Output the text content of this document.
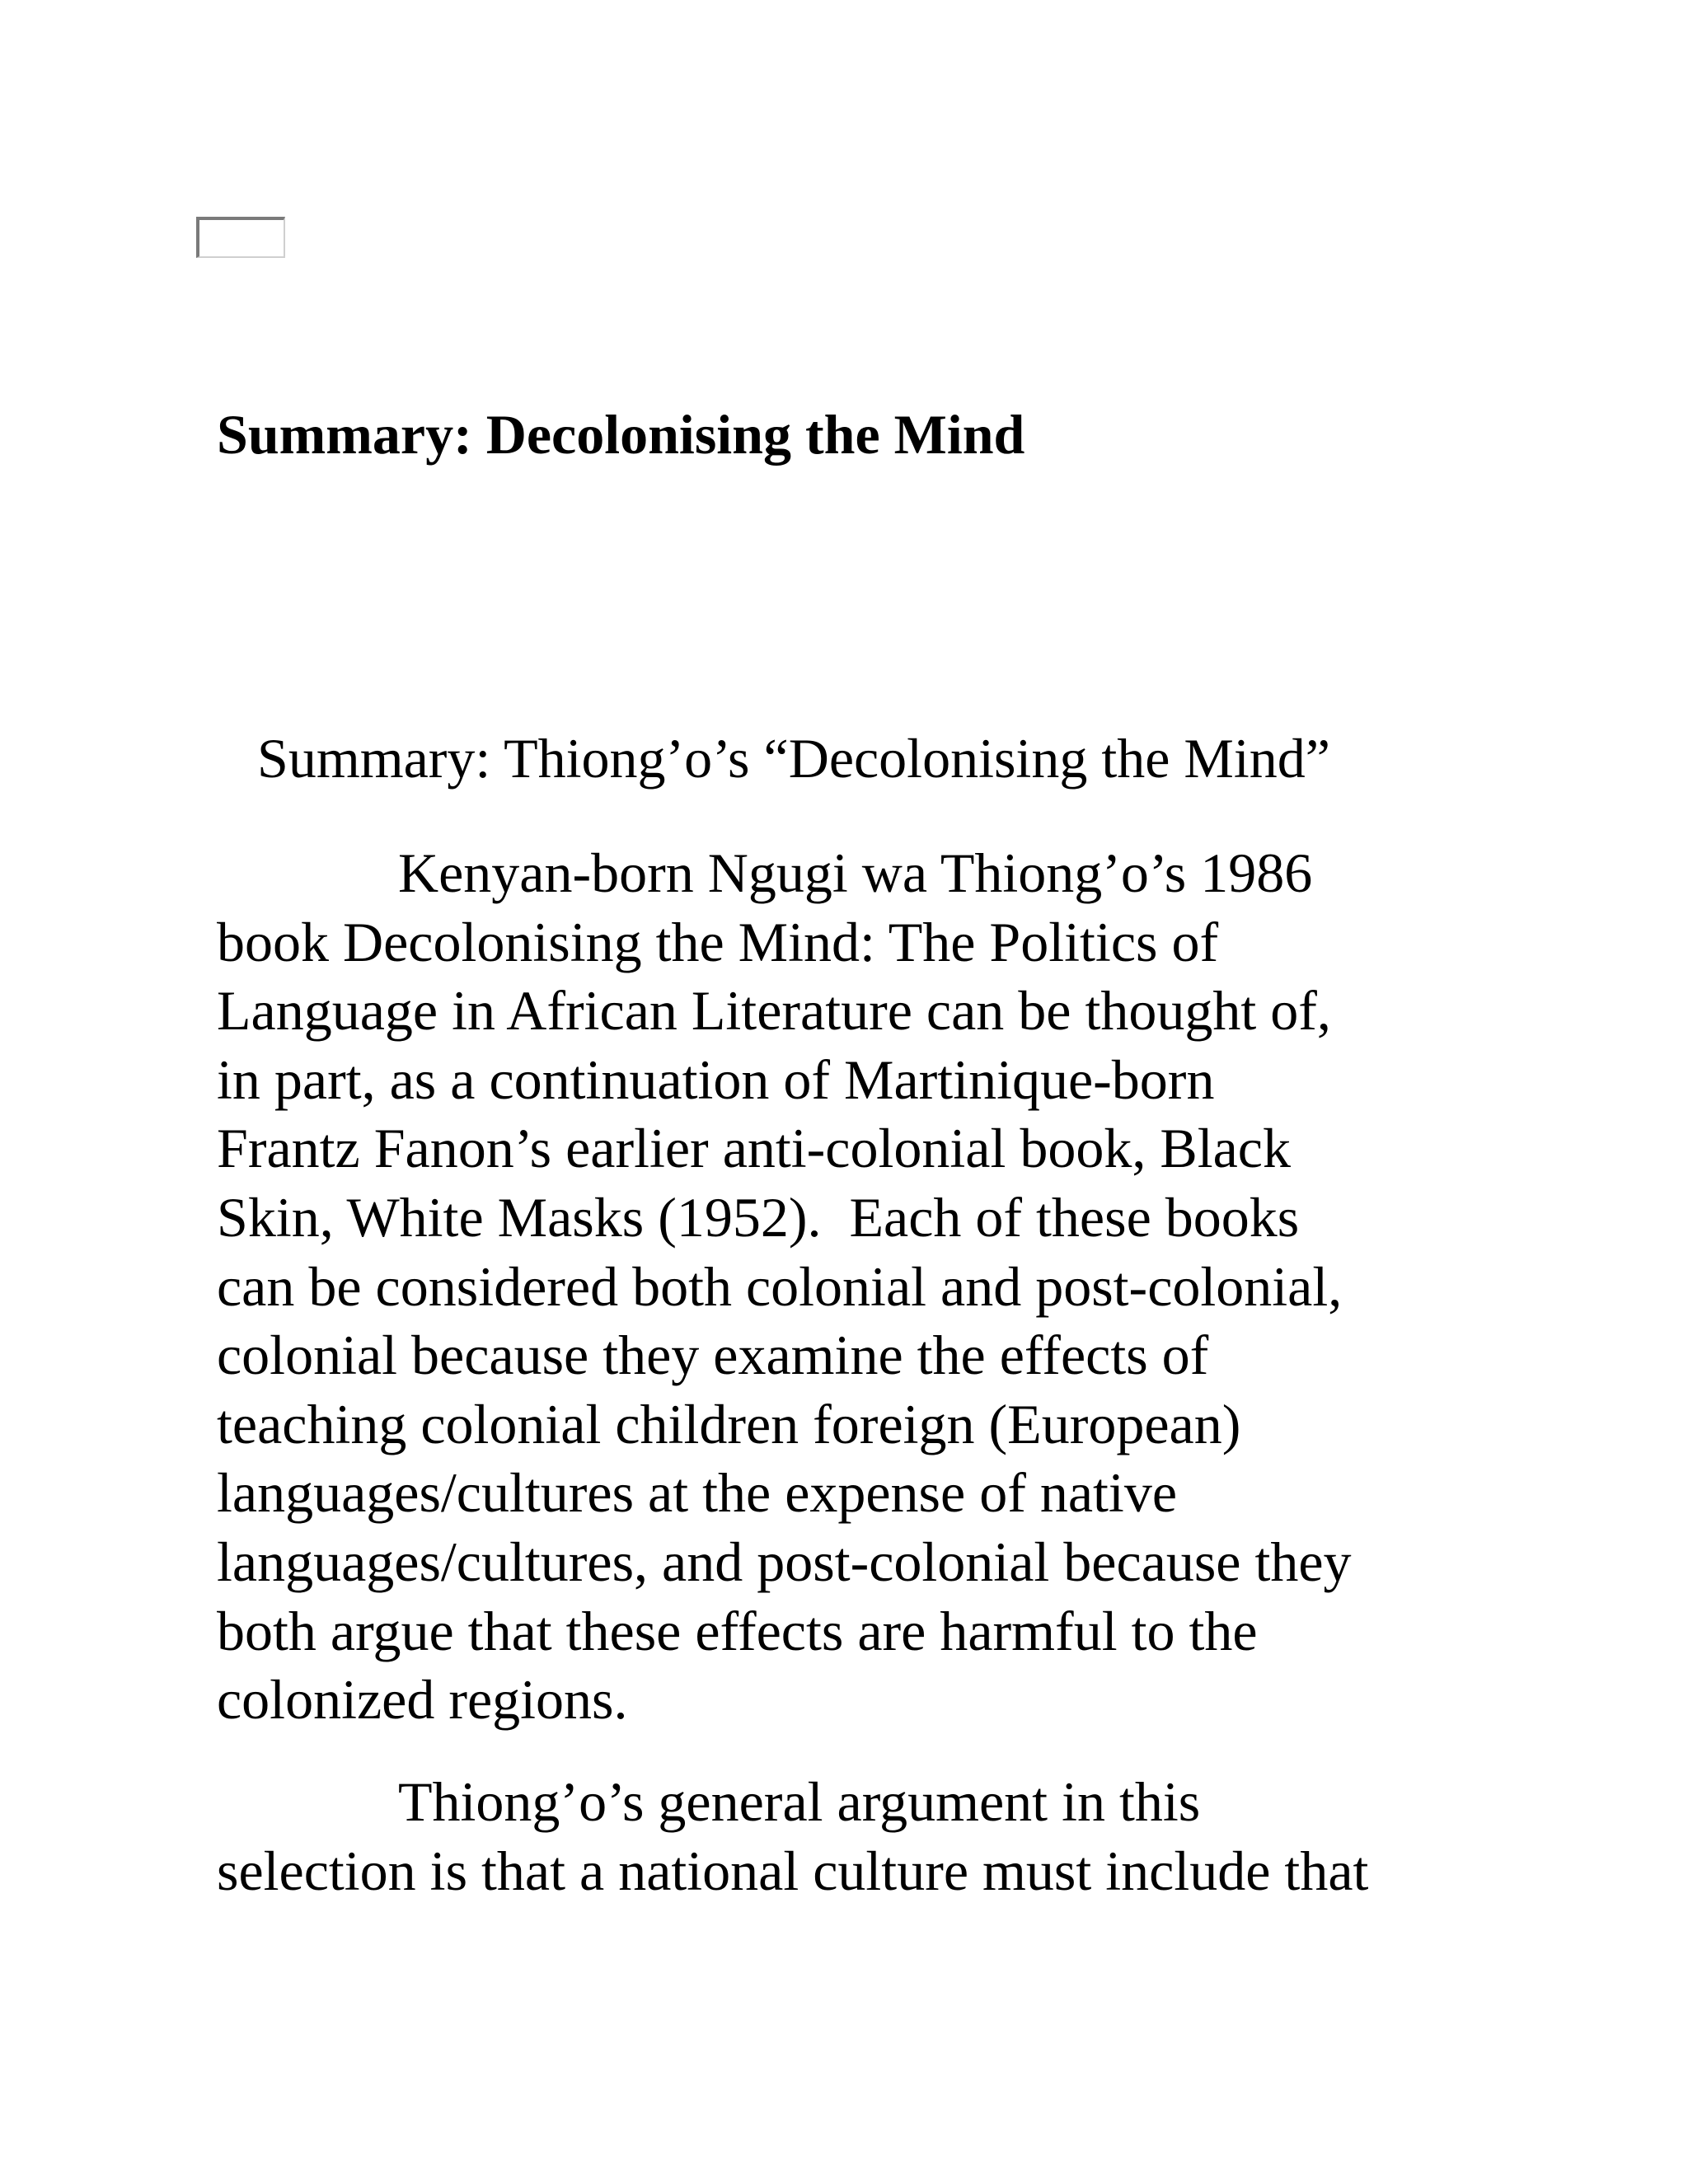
Summary: Decolonising the Mind
Summary: Thiong’o’s “Decolonising the Mind”

Kenyan-born Ngugi wa Thiong’o’s 1986
book Decolonising the Mind: The Politics of
Language in African Literature can be thought of,
in part, as a continuation of Martinique-born
Frantz Fanon’s earlier anti-colonial book, Black
Skin, White Masks (1952).  Each of these books
can be considered both colonial and post-colonial,
colonial because they examine the effects of
teaching colonial children foreign (European)
languages/cultures at the expense of native
languages/cultures, and post-colonial because they
both argue that these effects are harmful to the
colonized regions.

Thiong’o’s general argument in this
selection is that a national culture must include that
